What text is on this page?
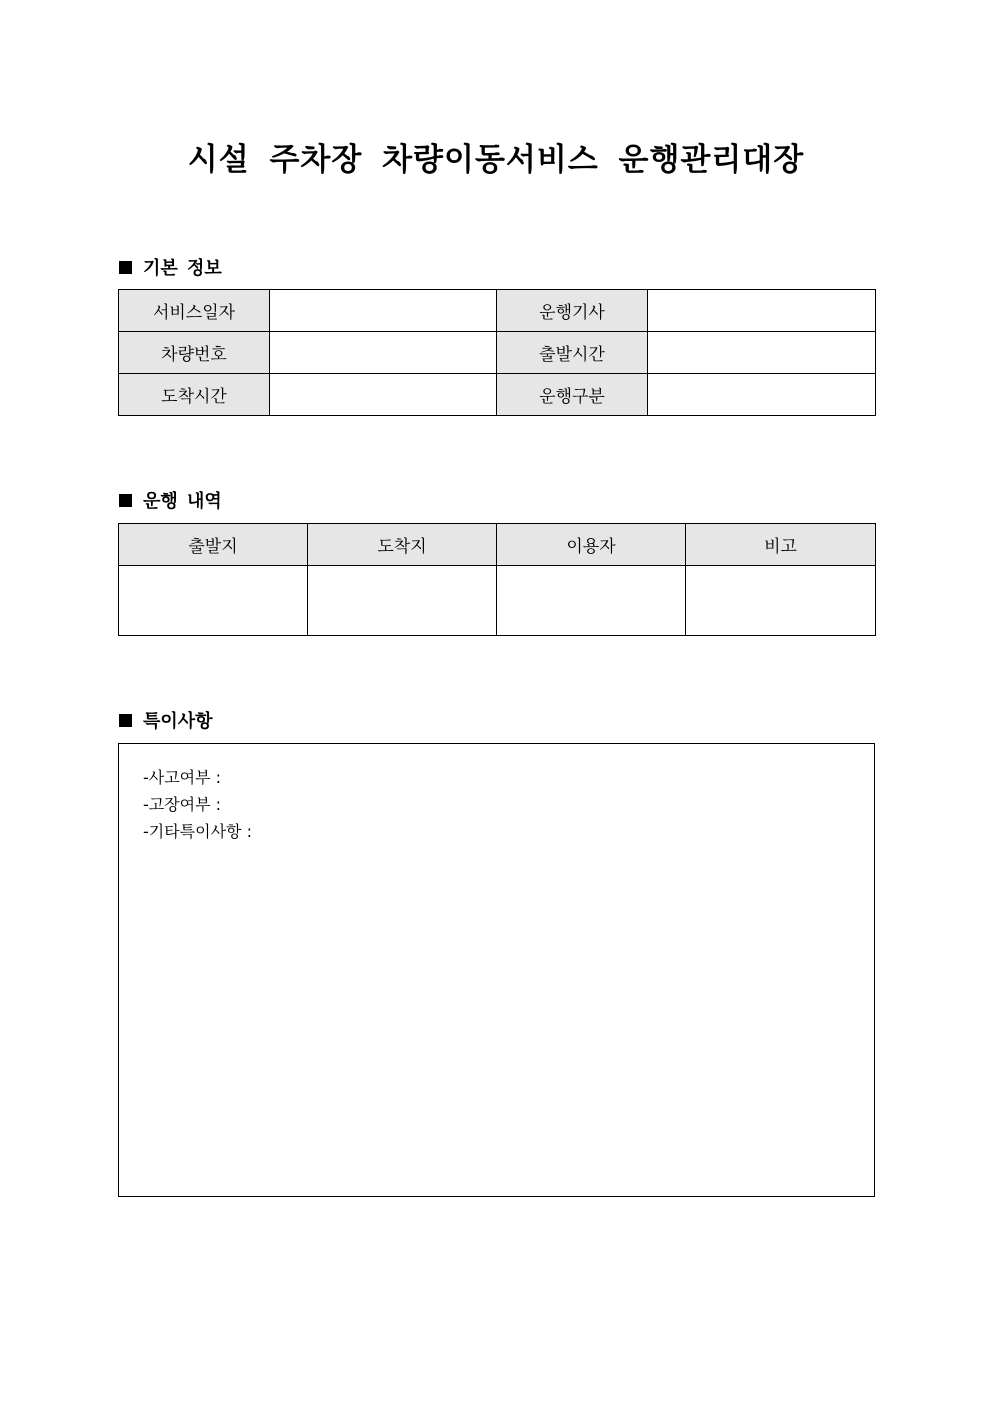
시설 주차장 차량이동서비스 운행관리대장
기본 정보
서비스일자		운행기사	
차량번호		출발시간	
도착시간		운행구분	
운행 내역
출발지	도착지	이용자	비고

특이사항
-사고여부 :
-고장여부 :
-기타특이사항 :
